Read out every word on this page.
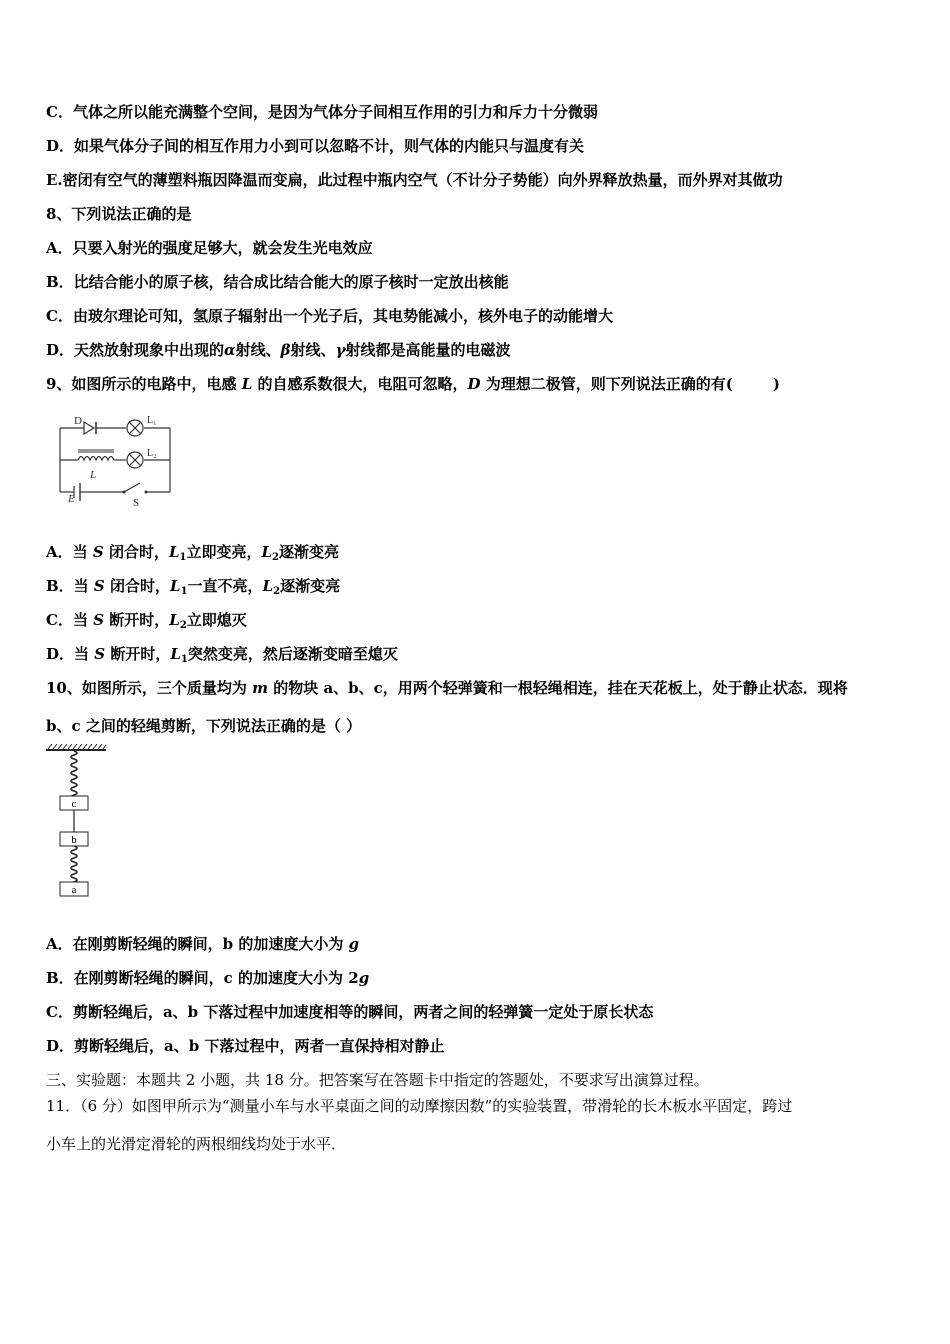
C．气体之所以能充满整个空间，是因为气体分子间相互作用的引力和斥力十分微弱
D．如果气体分子间的相互作用力小到可以忽略不计，则气体的内能只与温度有关
E.密闭有空气的薄塑料瓶因降温而变扁，此过程中瓶内空气（不计分子势能）向外界释放热量，而外界对其做功
8、下列说法正确的是
A．只要入射光的强度足够大，就会发生光电效应
B．比结合能小的原子核，结合成比结合能大的原子核时一定放出核能
C．由玻尔理论可知，氢原子辐射出一个光子后，其电势能减小，核外电子的动能增大
D．天然放射现象中出现的α射线、β射线、γ射线都是高能量的电磁波
9、如图所示的电路中，电感 L 的自感系数很大，电阻可忽略，D 为理想二极管，则下列说法正确的有(	)
D	L₁
L₂
L
E	S
A．当 S 闭合时，$L_1$立即变亮，$L_2$逐渐变亮
B．当 S 闭合时，$L_1$一直不亮，$L_2$逐渐变亮
C．当 S 断开时，$L_2$立即熄灭
D．当 S 断开时，$L_1$突然变亮，然后逐渐变暗至熄灭
10、如图所示，三个质量均为 m 的物块 a、b、c，用两个轻弹簧和一根轻绳相连，挂在天花板上，处于静止状态．现将
b、c 之间的轻绳剪断，下列说法正确的是（ ）
c
b
a
A．在刚剪断轻绳的瞬间，b 的加速度大小为 g
B．在刚剪断轻绳的瞬间，c 的加速度大小为 2g
C．剪断轻绳后，a、b 下落过程中加速度相等的瞬间，两者之间的轻弹簧一定处于原长状态
D．剪断轻绳后，a、b 下落过程中，两者一直保持相对静止
三、实验题：本题共 2 小题，共 18 分。把答案写在答题卡中指定的答题处，不要求写出演算过程。
11．（6 分）如图甲所示为“测量小车与水平桌面之间的动摩擦因数”的实验装置，带滑轮的长木板水平固定，跨过
小车上的光滑定滑轮的两根细线均处于水平．
